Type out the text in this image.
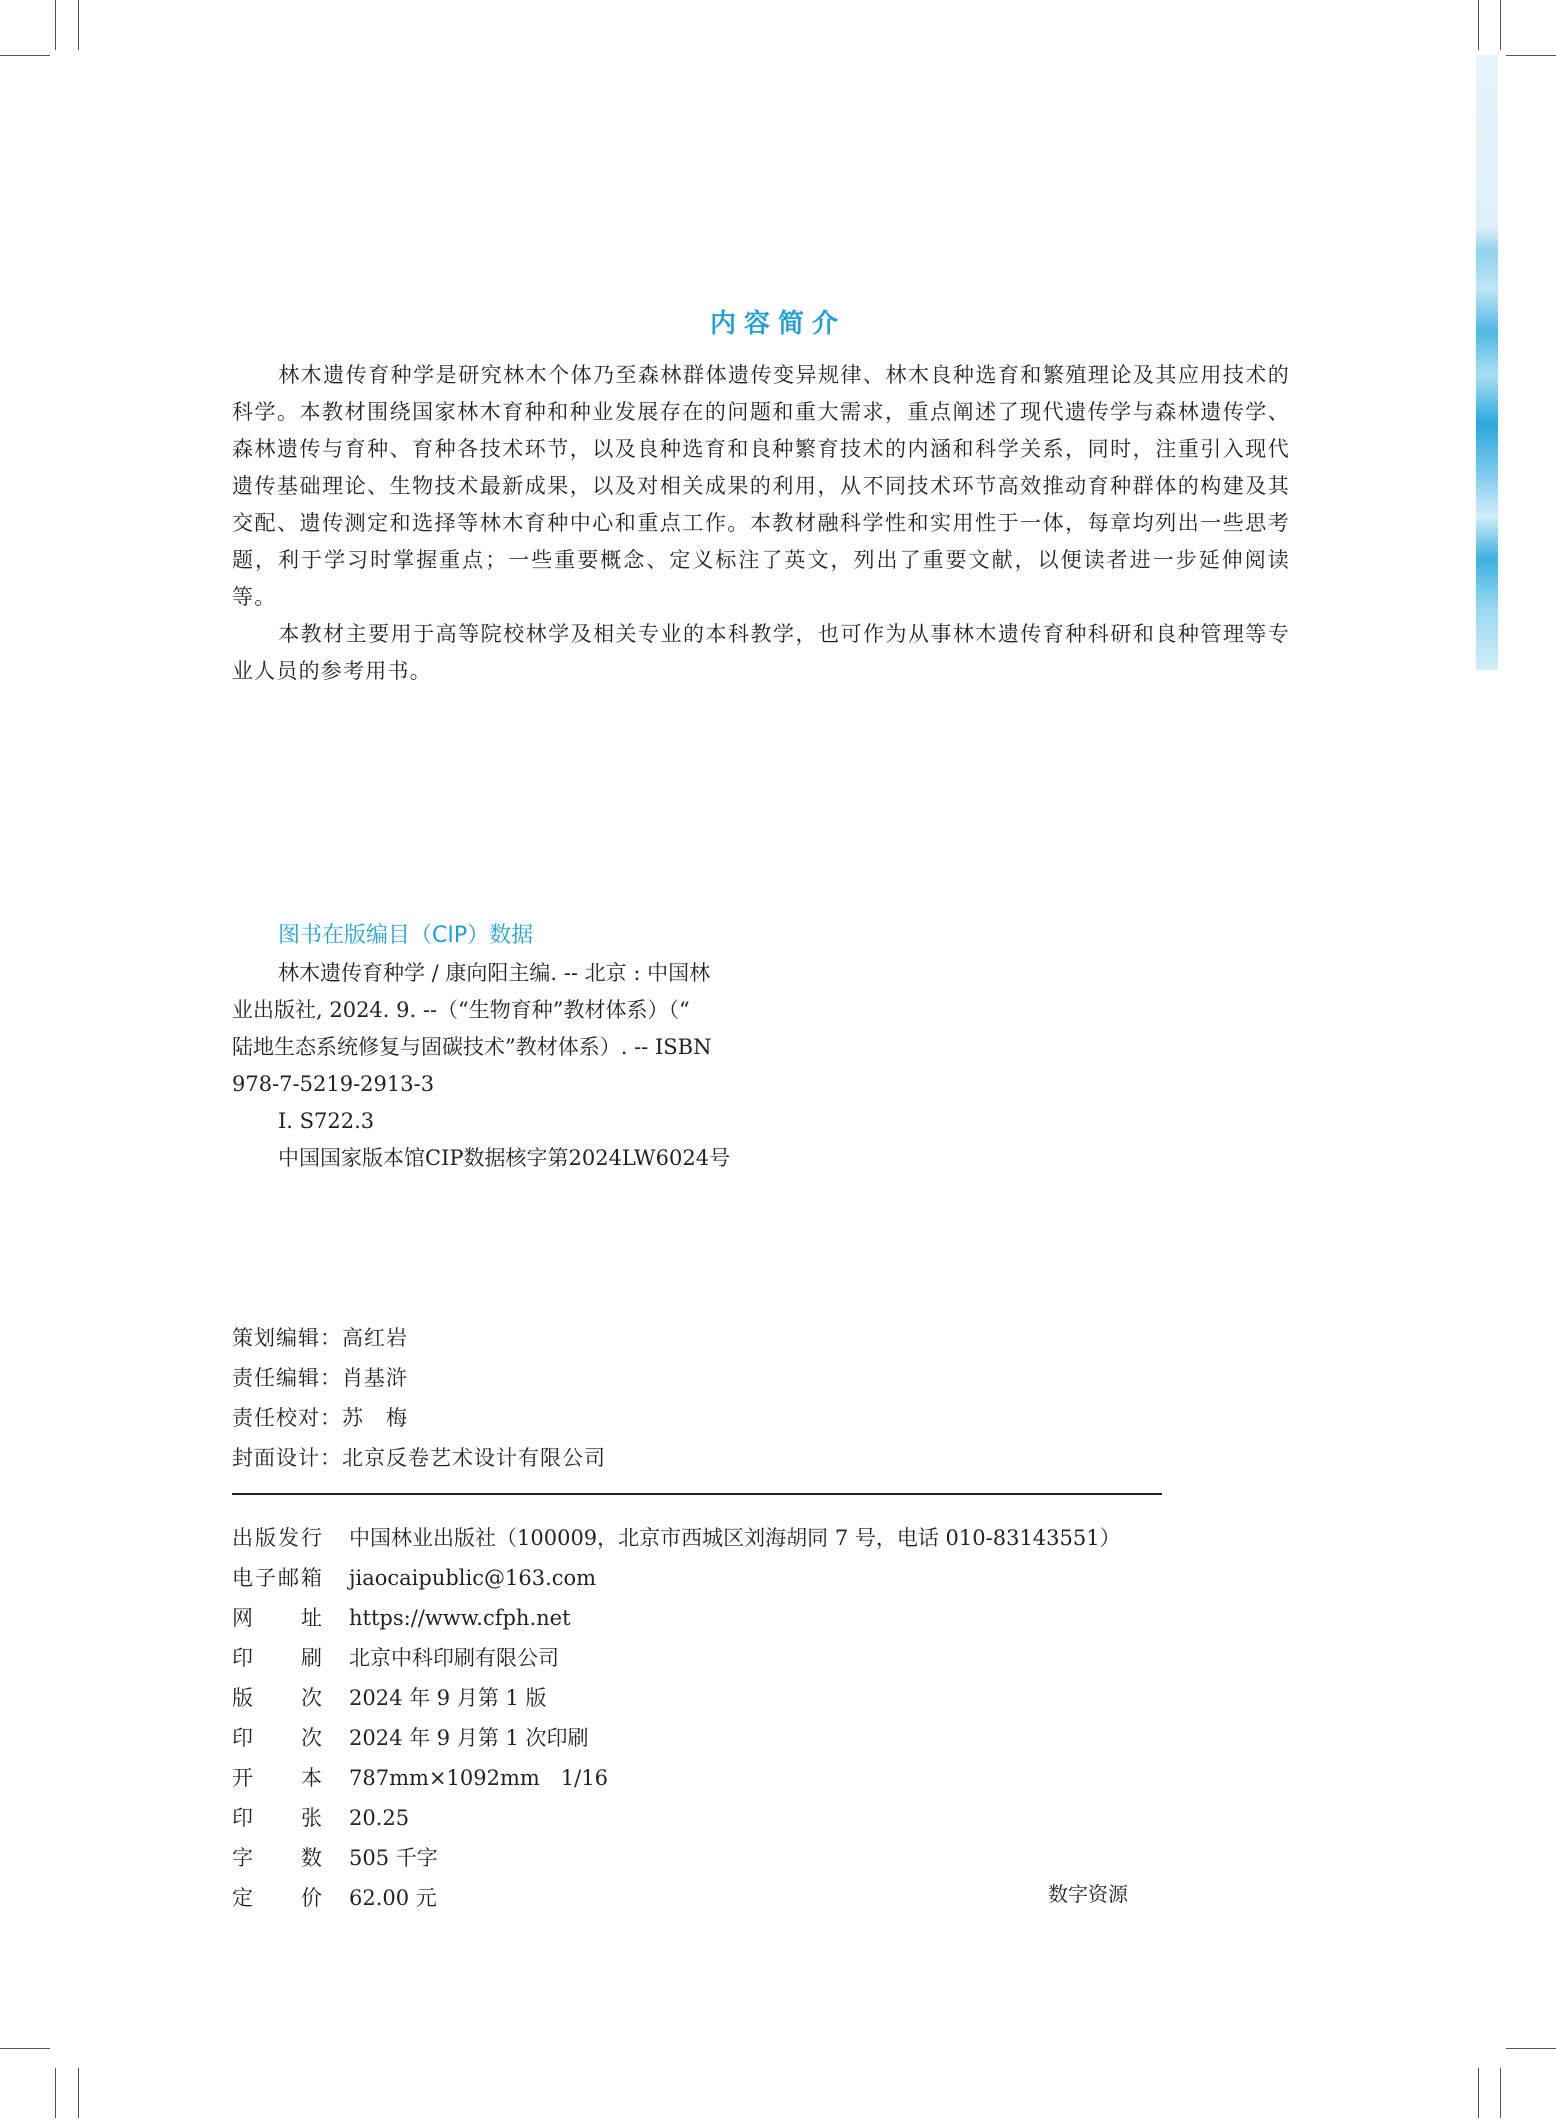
内容简介

林木遗传育种学是研究林木个体乃至森林群体遗传变异规律、林木良种选育和繁殖理论及其应用技术的科学。本教材围绕国家林木育种和种业发展存在的问题和重大需求，重点阐述了现代遗传学与森林遗传学、森林遗传与育种、育种各技术环节，以及良种选育和良种繁育技术的内涵和科学关系，同时，注重引入现代遗传基础理论、生物技术最新成果，以及对相关成果的利用，从不同技术环节高效推动育种群体的构建及其交配、遗传测定和选择等林木育种中心和重点工作。本教材融科学性和实用性于一体，每章均列出一些思考题，利于学习时掌握重点；一些重要概念、定义标注了英文，列出了重要文献，以便读者进一步延伸阅读等。

本教材主要用于高等院校林学及相关专业的本科教学，也可作为从事林木遗传育种科研和良种管理等专业人员的参考用书。

图书在版编目（CIP）数据
林木遗传育种学 / 康向阳主编. -- 北京 : 中国林
业出版社, 2024. 9. --（“生物育种”教材体系）（“
陆地生态系统修复与固碳技术”教材体系）. -- ISBN
978-7-5219-2913-3
Ⅰ. S722.3
中国国家版本馆CIP数据核字第2024LW6024号
策划编辑：高红岩
责任编辑：肖基浒
责任校对：苏　梅
封面设计：北京反卷艺术设计有限公司
出版发行	中国林业出版社（100009，北京市西城区刘海胡同 7 号，电话 010-83143551）
电子邮箱	jiaocaipublic@163.com
网　　址	https://www.cfph.net
印　　刷	北京中科印刷有限公司
版　　次	2024 年 9 月第 1 版
印　　次	2024 年 9 月第 1 次印刷
开　　本	787mm×1092mm　1/16
印　　张	20.25
字　　数	505 千字
定　　价	62.00 元	数字资源
